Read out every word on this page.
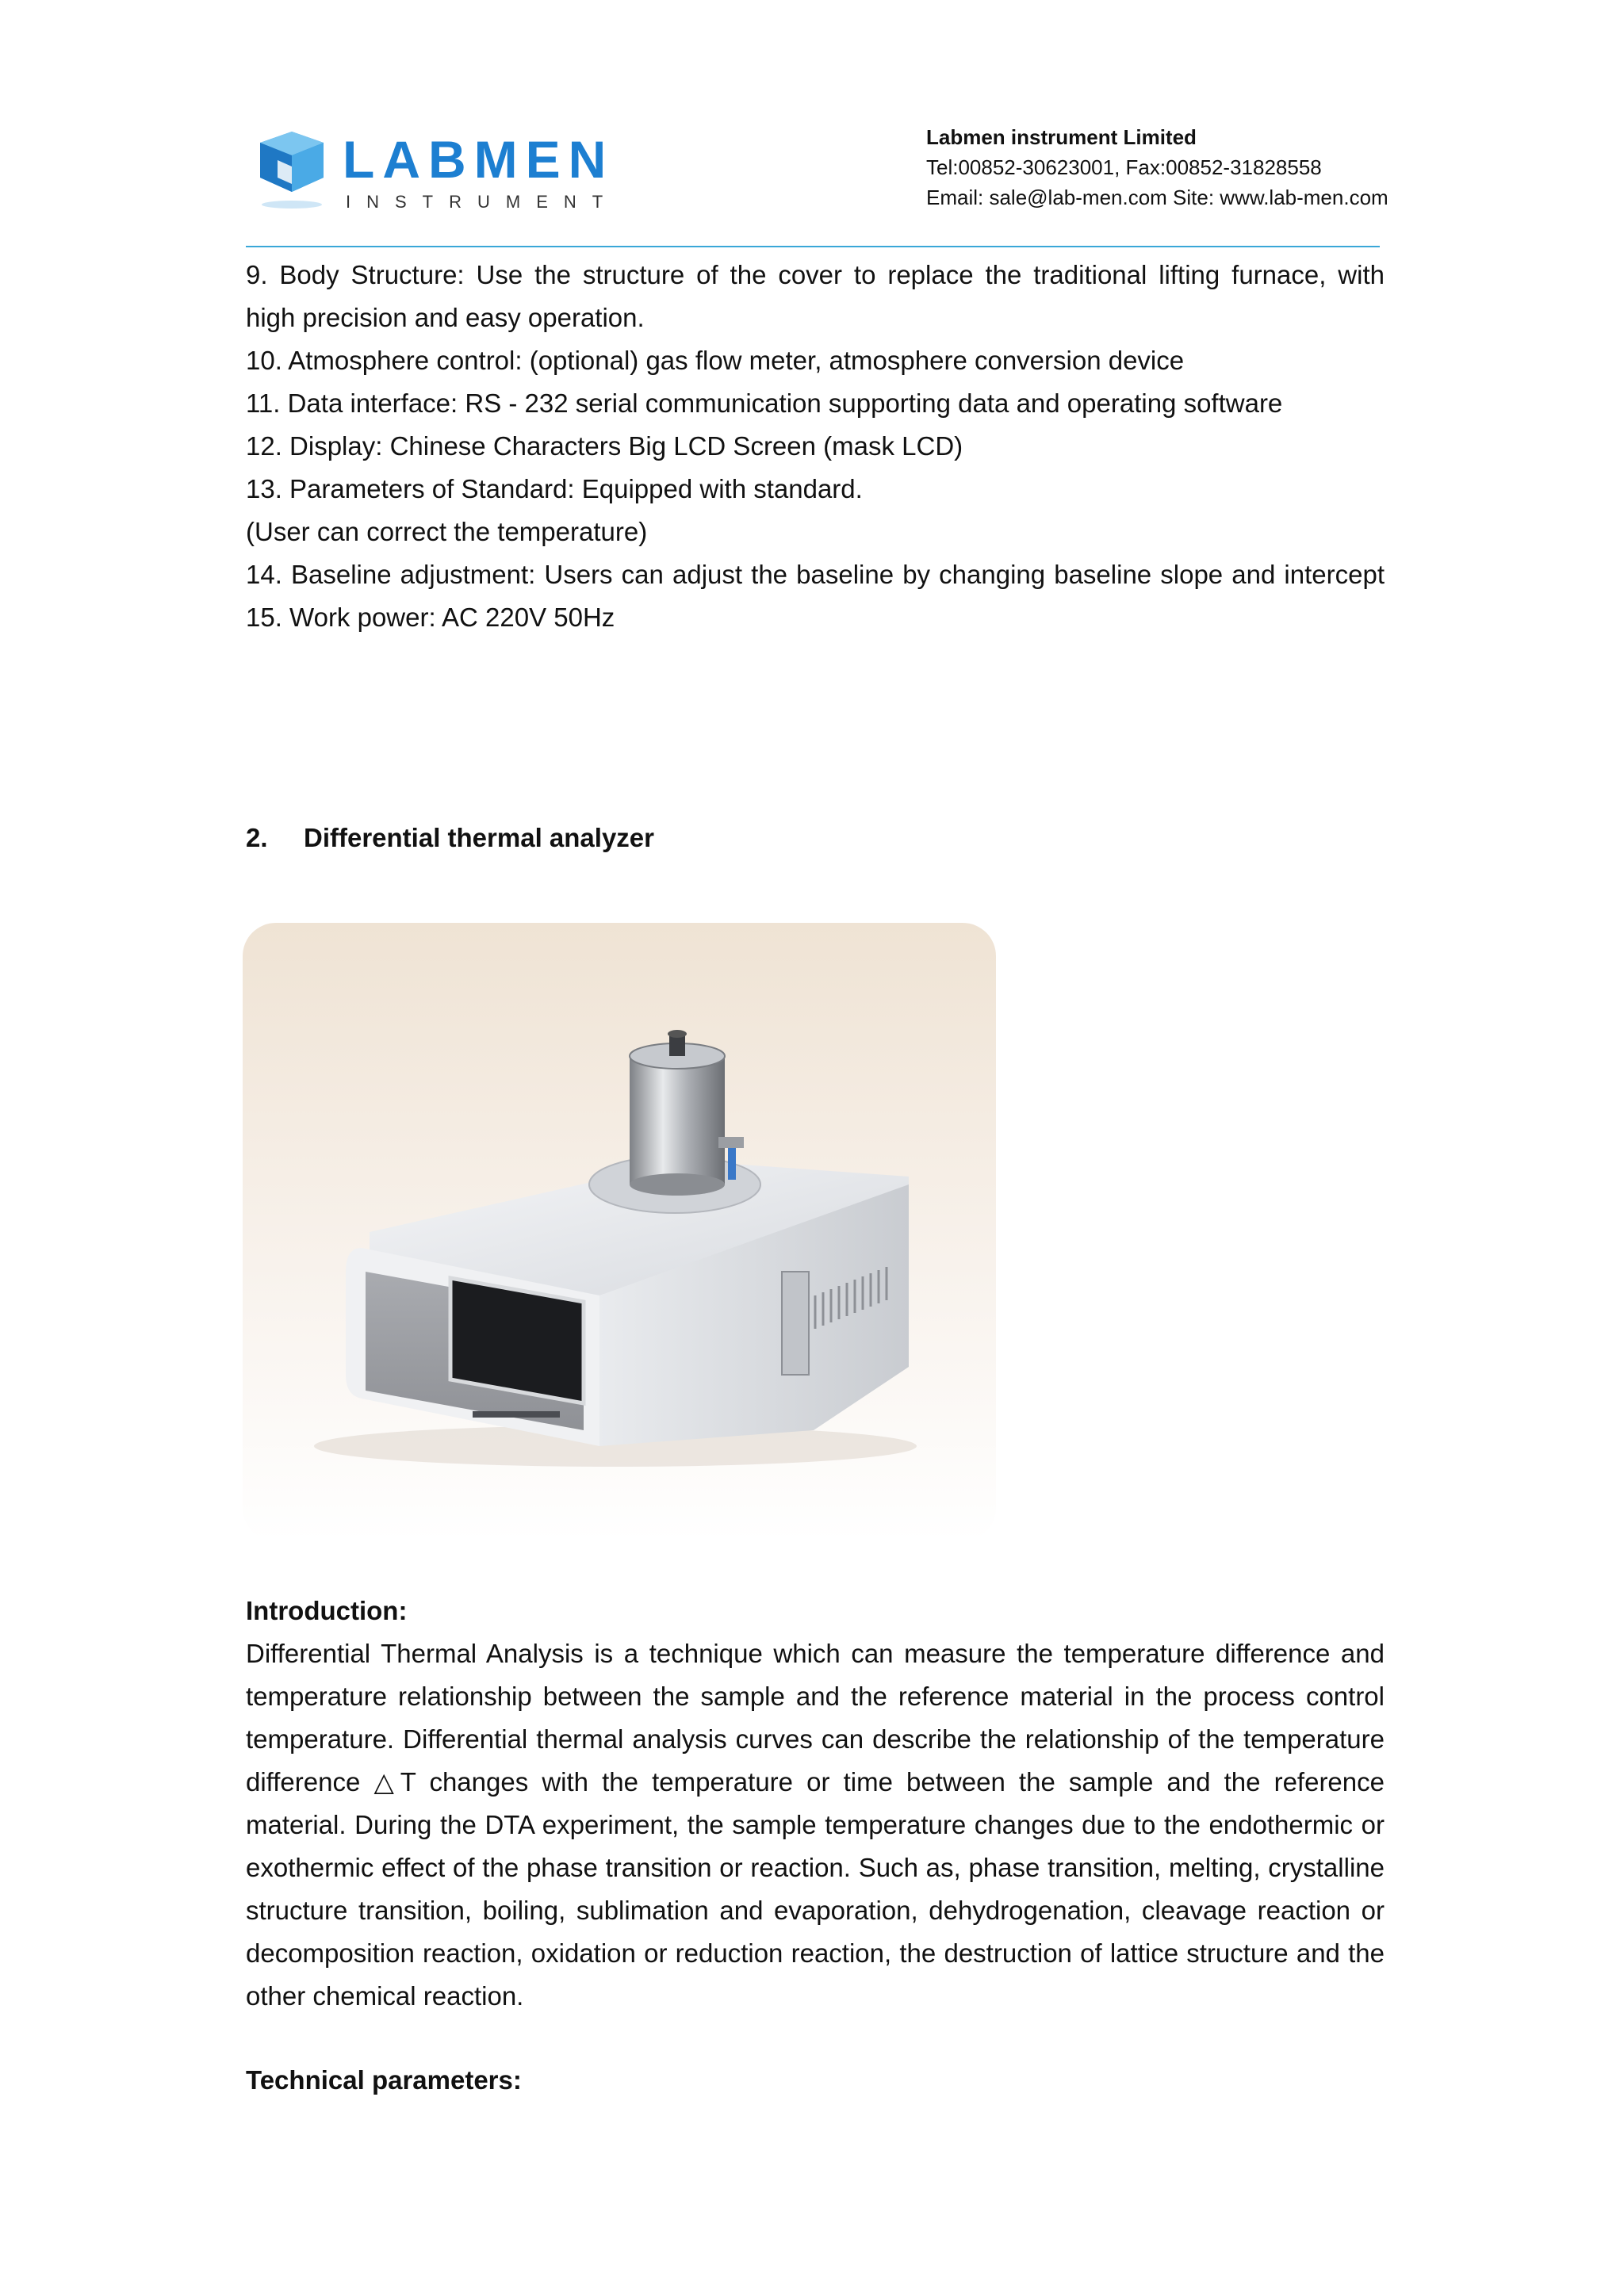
LABMEN
INSTRUMENT
Labmen instrument Limited
Tel:00852-30623001, Fax:00852-31828558
Email: sale@lab-men.com Site: www.lab-men.com

9. Body Structure: Use the structure of the cover to replace the traditional lifting furnace, with

high precision and easy operation.

10. Atmosphere control: (optional) gas flow meter, atmosphere conversion device

11. Data interface: RS - 232 serial communication supporting data and operating software

12. Display: Chinese Characters Big LCD Screen (mask LCD)

13. Parameters of Standard: Equipped with standard.

(User can correct the temperature)

14. Baseline adjustment: Users can adjust the baseline by changing baseline slope and intercept

15. Work power: AC 220V 50Hz

2. Differential thermal analyzer
Introduction:
Differential Thermal Analysis is a technique which can measure the temperature difference and temperature relationship between the sample and the reference material in the process control temperature. Differential thermal analysis curves can describe the relationship of the temperature difference △T changes with the temperature or time between the sample and the reference material. During the DTA experiment, the sample temperature changes due to the endothermic or exothermic effect of the phase transition or reaction. Such as, phase transition, melting, crystalline structure transition, boiling, sublimation and evaporation, dehydrogenation, cleavage reaction or decomposition reaction, oxidation or reduction reaction, the destruction of lattice structure and the other chemical reaction.
Technical parameters:
